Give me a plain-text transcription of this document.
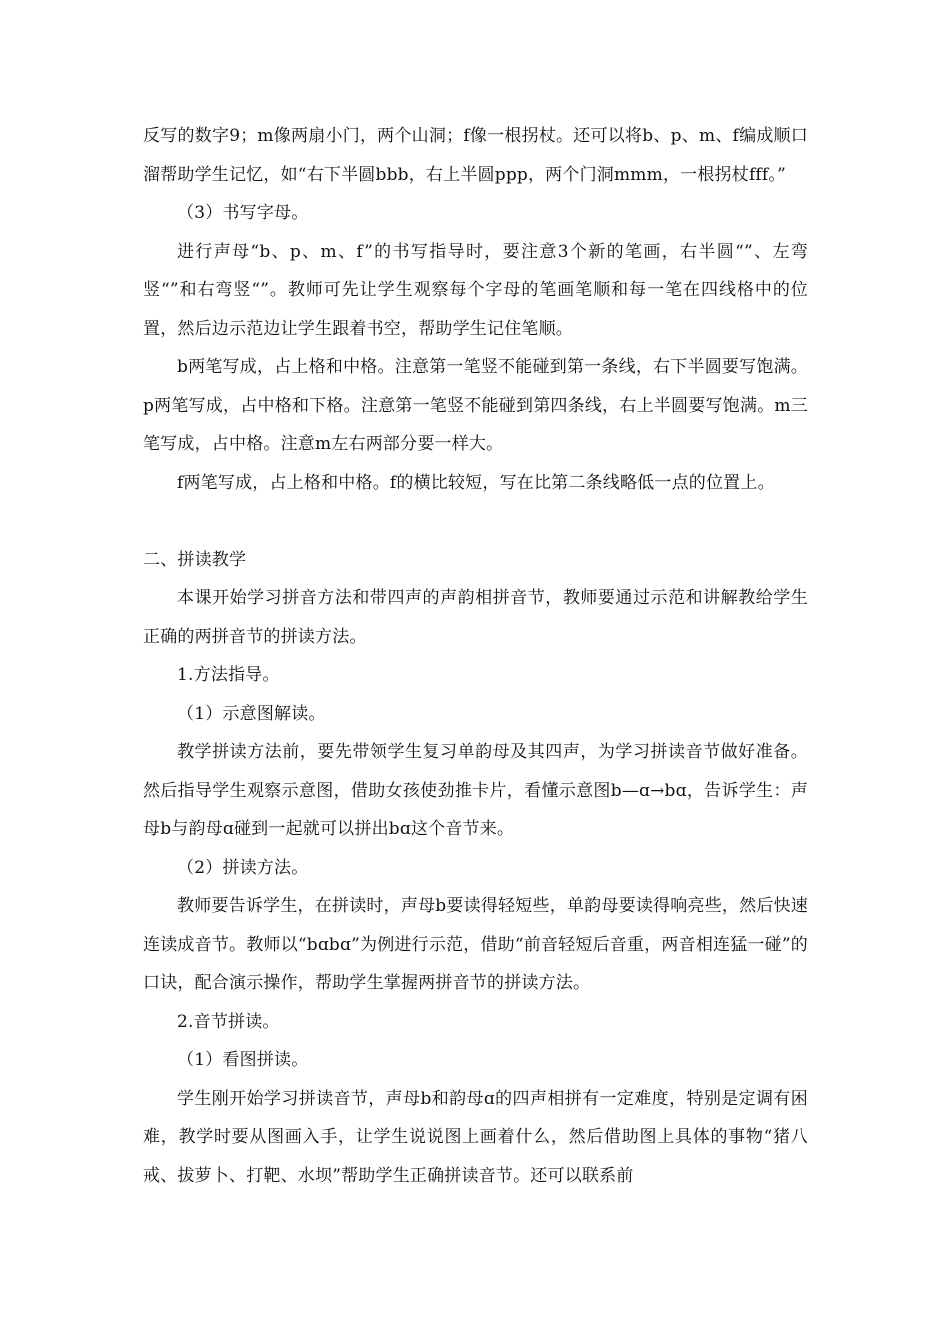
反写的数字9；m像两扇小门，两个山洞；f像一根拐杖。还可以将b、p、m、f编成顺口溜帮助学生记忆，如“右下半圆bbb，右上半圆ppp，两个门洞mmm，一根拐杖fff。”

（3）书写字母。

进行声母“b、p、m、f”的书写指导时，要注意3个新的笔画，右半圆“”、左弯竖“”和右弯竖“”。教师可先让学生观察每个字母的笔画笔顺和每一笔在四线格中的位置，然后边示范边让学生跟着书空，帮助学生记住笔顺。

b两笔写成，占上格和中格。注意第一笔竖不能碰到第一条线，右下半圆要写饱满。p两笔写成，占中格和下格。注意第一笔竖不能碰到第四条线，右上半圆要写饱满。m三笔写成，占中格。注意m左右两部分要一样大。

f两笔写成，占上格和中格。f的横比较短，写在比第二条线略低一点的位置上。

二、拼读教学

本课开始学习拼音方法和带四声的声韵相拼音节，教师要通过示范和讲解教给学生正确的两拼音节的拼读方法。

1.方法指导。

（1）示意图解读。

教学拼读方法前，要先带领学生复习单韵母及其四声，为学习拼读音节做好准备。然后指导学生观察示意图，借助女孩使劲推卡片，看懂示意图b—ɑ→bɑ，告诉学生：声母b与韵母ɑ碰到一起就可以拼出bɑ这个音节来。

（2）拼读方法。

教师要告诉学生，在拼读时，声母b要读得轻短些，单韵母要读得响亮些，然后快速连读成音节。教师以“bɑbɑ”为例进行示范，借助“前音轻短后音重，两音相连猛一碰”的口诀，配合演示操作，帮助学生掌握两拼音节的拼读方法。

2.音节拼读。

（1）看图拼读。

学生刚开始学习拼读音节，声母b和韵母ɑ的四声相拼有一定难度，特别是定调有困难，教学时要从图画入手，让学生说说图上画着什么，然后借助图上具体的事物“猪八戒、拔萝卜、打靶、水坝”帮助学生正确拼读音节。还可以联系前
